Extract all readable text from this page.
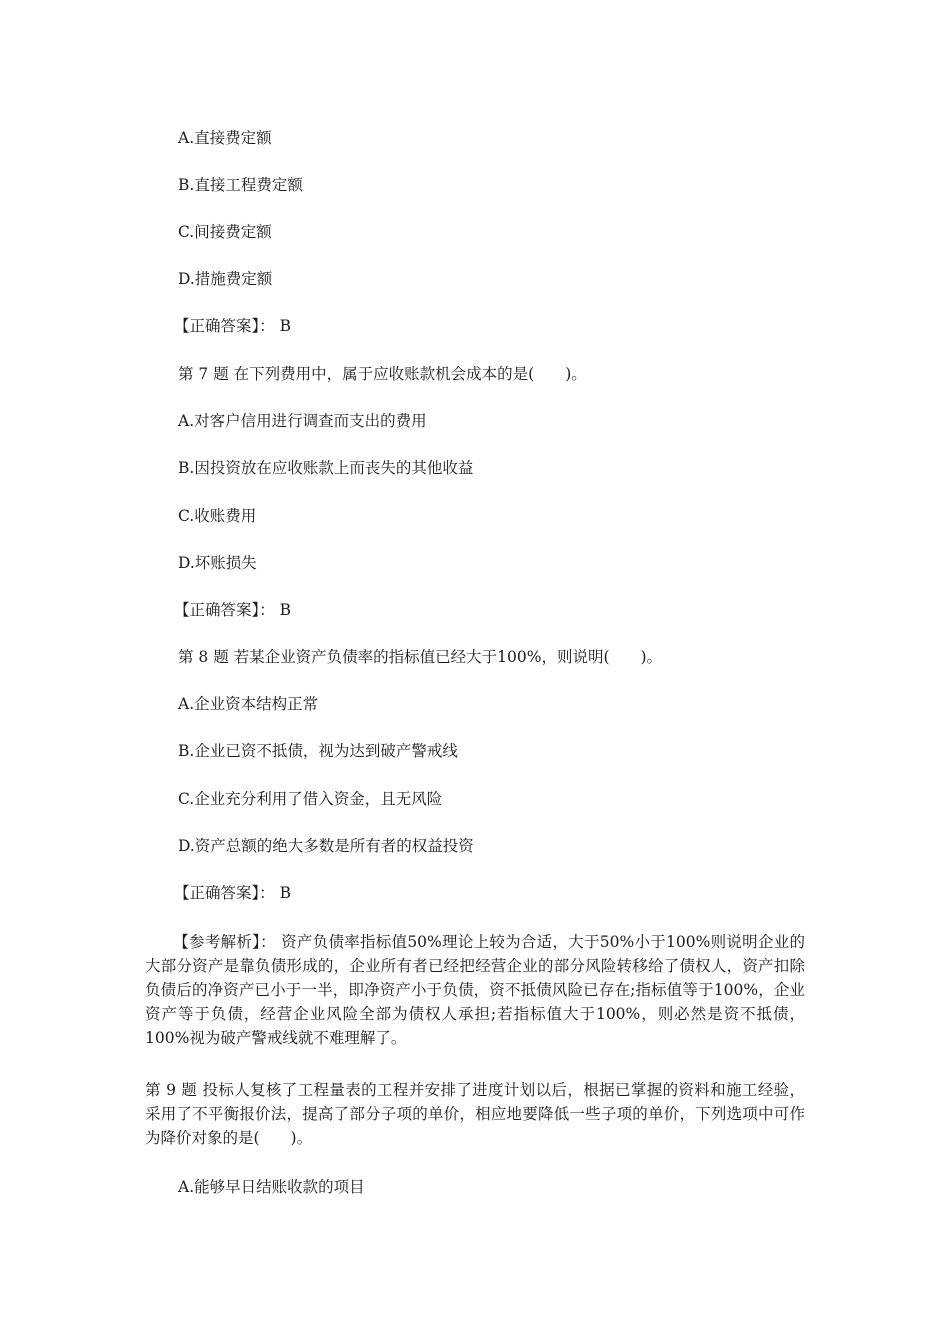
A.直接费定额
B.直接工程费定额
C.间接费定额
D.措施费定额
【正确答案】： B
第 7 题 在下列费用中，属于应收账款机会成本的是(　　)。
A.对客户信用进行调查而支出的费用
B.因投资放在应收账款上而丧失的其他收益
C.收账费用
D.坏账损失
【正确答案】： B
第 8 题 若某企业资产负债率的指标值已经大于100%，则说明(　　)。
A.企业资本结构正常
B.企业已资不抵债，视为达到破产警戒线
C.企业充分利用了借入资金，且无风险
D.资产总额的绝大多数是所有者的权益投资
【正确答案】： B
【参考解析】： 资产负债率指标值50%理论上较为合适，大于50%小于100%则说明企业的大部分资产是靠负债形成的，企业所有者已经把经营企业的部分风险转移给了债权人，资产扣除负债后的净资产已小于一半，即净资产小于负债，资不抵债风险已存在;指标值等于100%，企业资产等于负债，经营企业风险全部为债权人承担;若指标值大于100%，则必然是资不抵债，100%视为破产警戒线就不难理解了。
第 9 题 投标人复核了工程量表的工程并安排了进度计划以后，根据已掌握的资料和施工经验，采用了不平衡报价法，提高了部分子项的单价，相应地要降低一些子项的单价，下列选项中可作为降价对象的是(　　)。
A.能够早日结账收款的项目
